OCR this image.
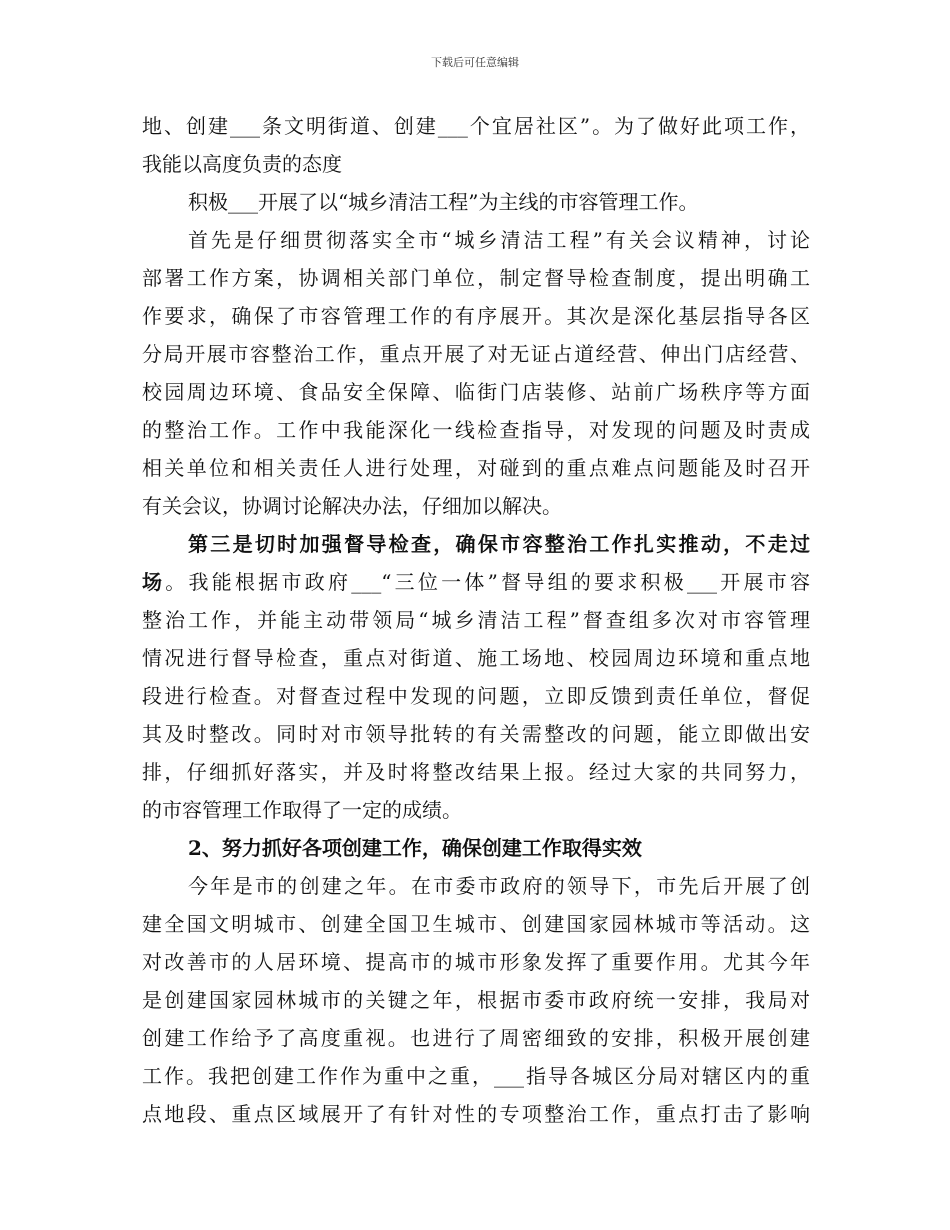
下载后可任意编辑
地、创建___条文明街道、创建___个宜居社区”。为了做好此项工作，
我能以高度负责的态度
积极___开展了以“城乡清洁工程”为主线的市容管理工作。
首先是仔细贯彻落实全市“城乡清洁工程”有关会议精神，讨论
部署工作方案，协调相关部门单位，制定督导检查制度，提出明确工
作要求，确保了市容管理工作的有序展开。其次是深化基层指导各区
分局开展市容整治工作，重点开展了对无证占道经营、伸出门店经营、
校园周边环境、食品安全保障、临街门店装修、站前广场秩序等方面
的整治工作。工作中我能深化一线检查指导，对发现的问题及时责成
相关单位和相关责任人进行处理，对碰到的重点难点问题能及时召开
有关会议，协调讨论解决办法，仔细加以解决。
第三是切时加强督导检查，确保市容整治工作扎实推动，不走过
场。我能根据市政府___“三位一体”督导组的要求积极___开展市容
整治工作，并能主动带领局“城乡清洁工程”督查组多次对市容管理
情况进行督导检查，重点对街道、施工场地、校园周边环境和重点地
段进行检查。对督查过程中发现的问题，立即反馈到责任单位，督促
其及时整改。同时对市领导批转的有关需整改的问题，能立即做出安
排，仔细抓好落实，并及时将整改结果上报。经过大家的共同努力，
的市容管理工作取得了一定的成绩。
2、努力抓好各项创建工作，确保创建工作取得实效
今年是市的创建之年。在市委市政府的领导下，市先后开展了创
建全国文明城市、创建全国卫生城市、创建国家园林城市等活动。这
对改善市的人居环境、提高市的城市形象发挥了重要作用。尤其今年
是创建国家园林城市的关键之年，根据市委市政府统一安排，我局对
创建工作给予了高度重视。也进行了周密细致的安排，积极开展创建
工作。我把创建工作作为重中之重，___指导各城区分局对辖区内的重
点地段、重点区域展开了有针对性的专项整治工作，重点打击了影响
